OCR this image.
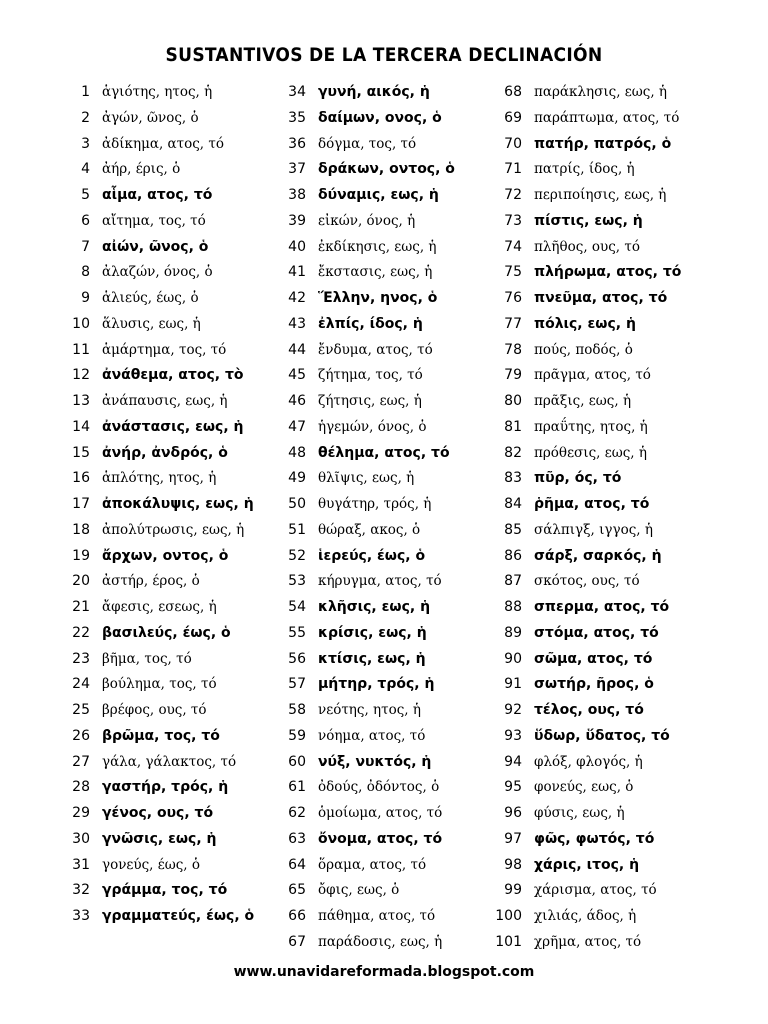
SUSTANTIVOS DE LA TERCERA DECLINACIÓN
1 ἁγιότης, ητος, ἡ
2 ἀγών, ῶνος, ὁ
3 ἀδίκημα, ατος, τό
4 ἀήρ, έρις, ὁ
5 αἷμα, ατος, τό
6 αἴτημα, τος, τό
7 αἰών, ῶνος, ὁ
8 ἀλαζών, όνος, ὁ
9 ἁλιεύς, έως, ὁ
10 ἅλυσις, εως, ἡ
11 ἁμάρτημα, τος, τό
12 ἀνάθεμα, ατος, τὸ
13 ἀνάπαυσις, εως, ἡ
14 ἀνάστασις, εως, ἡ
15 ἀνήρ, ἀνδρός, ὁ
16 ἁπλότης, ητος, ἡ
17 ἀποκάλυψις, εως, ἡ
18 ἀπολύτρωσις, εως, ἡ
19 ἄρχων, οντος, ὁ
20 ἀστήρ, έρος, ὁ
21 ἄφεσις, εσεως, ἡ
22 βασιλεύς, έως, ὁ
23 βῆμα, τος, τό
24 βούλημα, τος, τό
25 βρέφος, ους, τό
26 βρῶμα, τος, τό
27 γάλα, γάλακτος, τό
28 γαστήρ, τρός, ἡ
29 γένος, ους, τό
30 γνῶσις, εως, ἡ
31 γονεύς, έως, ὁ
32 γράμμα, τος, τό
33 γραμματεύς, έως, ὁ
34 γυνή, αικός, ἡ
35 δαίμων, ονος, ὁ
36 δόγμα, τος, τό
37 δράκων, οντος, ὁ
38 δύναμις, εως, ἡ
39 εἰκών, όνος, ἡ
40 ἐκδίκησις, εως, ἡ
41 ἔκστασις, εως, ἡ
42 Ἕλλην, ηνος, ὁ
43 ἐλπίς, ίδος, ἡ
44 ἔνδυμα, ατος, τό
45 ζήτημα, τος, τό
46 ζήτησις, εως, ἡ
47 ἡγεμών, όνος, ὁ
48 θέλημα, ατος, τό
49 θλῖψις, εως, ἡ
50 θυγάτηρ, τρός, ἡ
51 θώραξ, ακος, ὁ
52 ἱερεύς, έως, ὁ
53 κήρυγμα, ατος, τό
54 κλῆσις, εως, ἡ
55 κρίσις, εως, ἡ
56 κτίσις, εως, ἡ
57 μήτηρ, τρός, ἡ
58 νεότης, ητος, ἡ
59 νόημα, ατος, τό
60 νύξ, νυκτός, ἡ
61 ὀδούς, ὀδόντος, ὁ
62 ὁμοίωμα, ατος, τό
63 ὄνομα, ατος, τό
64 ὅραμα, ατος, τό
65 ὄφις, εως, ὁ
66 πάθημα, ατος, τό
67 παράδοσις, εως, ἡ
68 παράκλησις, εως, ἡ
69 παράπτωμα, ατος, τό
70 πατήρ, πατρός, ὁ
71 πατρίς, ίδος, ἡ
72 περιποίησις, εως, ἡ
73 πίστις, εως, ἡ
74 πλῆθος, ους, τό
75 πλήρωμα, ατος, τό
76 πνεῦμα, ατος, τό
77 πόλις, εως, ἡ
78 πούς, ποδός, ὁ
79 πρᾶγμα, ατος, τό
80 πρᾶξις, εως, ἡ
81 πραΰτης, ητος, ἡ
82 πρόθεσις, εως, ἡ
83 πῦρ, ός, τό
84 ῥῆμα, ατος, τό
85 σάλπιγξ, ιγγος, ἡ
86 σάρξ, σαρκός, ἡ
87 σκότος, ους, τό
88 σπερμα, ατος, τό
89 στόμα, ατος, τό
90 σῶμα, ατος, τό
91 σωτήρ, ῆρος, ὁ
92 τέλος, ους, τό
93 ὕδωρ, ὕδατος, τό
94 φλόξ, φλογός, ἡ
95 φονεύς, εως, ὁ
96 φύσις, εως, ἡ
97 φῶς, φωτός, τό
98 χάρις, ιτος, ἡ
99 χάρισμα, ατος, τό
100 χιλιάς, άδος, ἡ
101 χρῆμα, ατος, τό
www.unavidareformada.blogspot.com
